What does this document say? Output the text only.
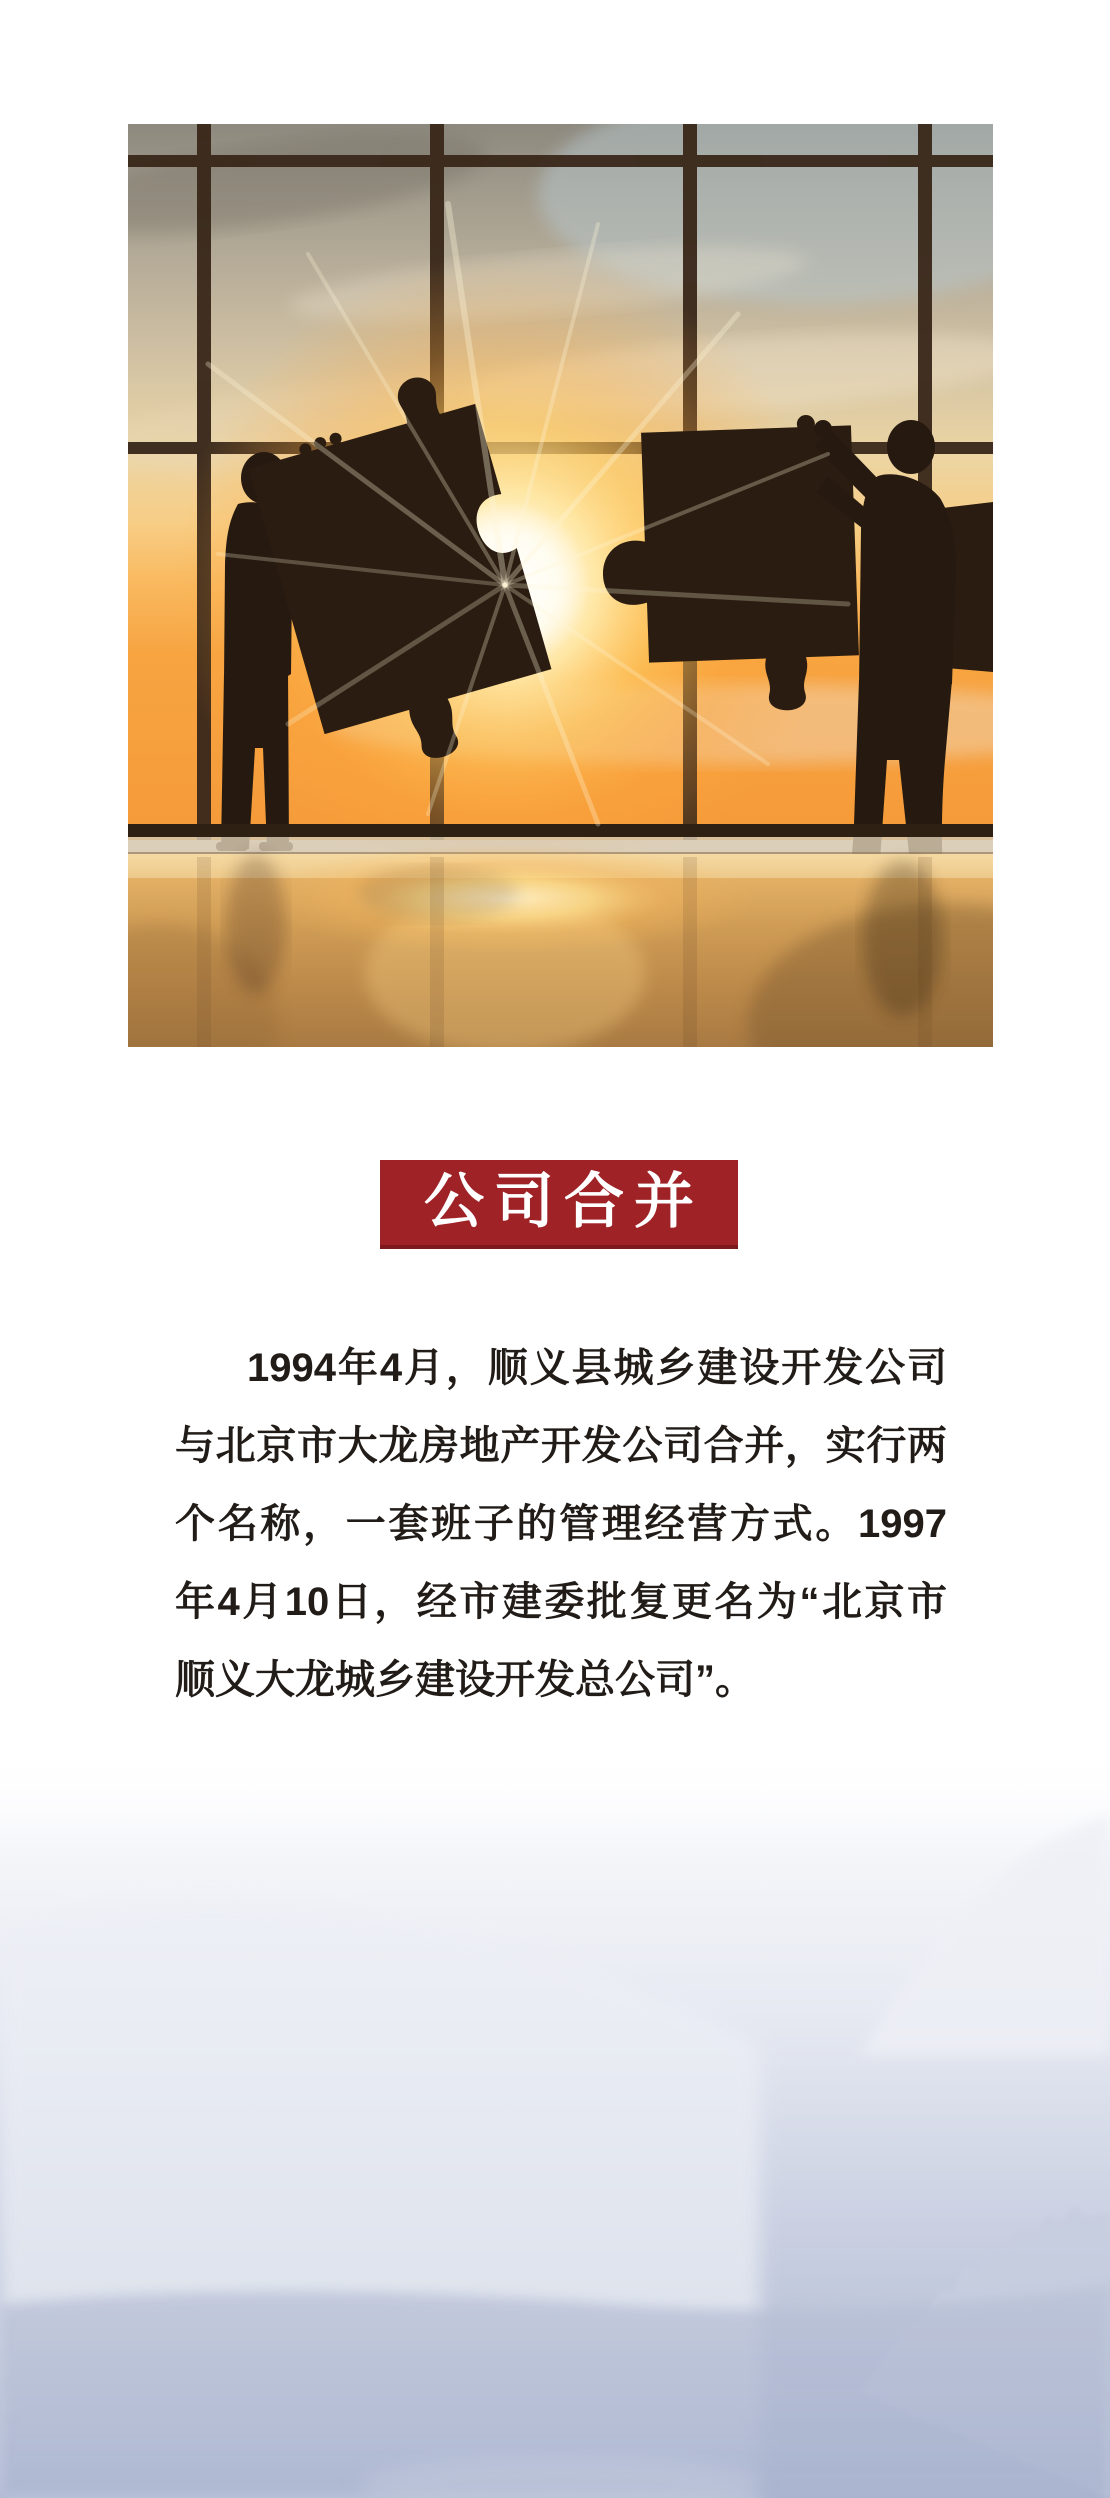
公司合并
1994年4月，顺义县城乡建设开发公司
与北京市大龙房地产开发公司合并，实行两
个名称，一套班子的管理经营方式。1997
年4月10日，经市建委批复更名为“北京市
顺义大龙城乡建设开发总公司”。
